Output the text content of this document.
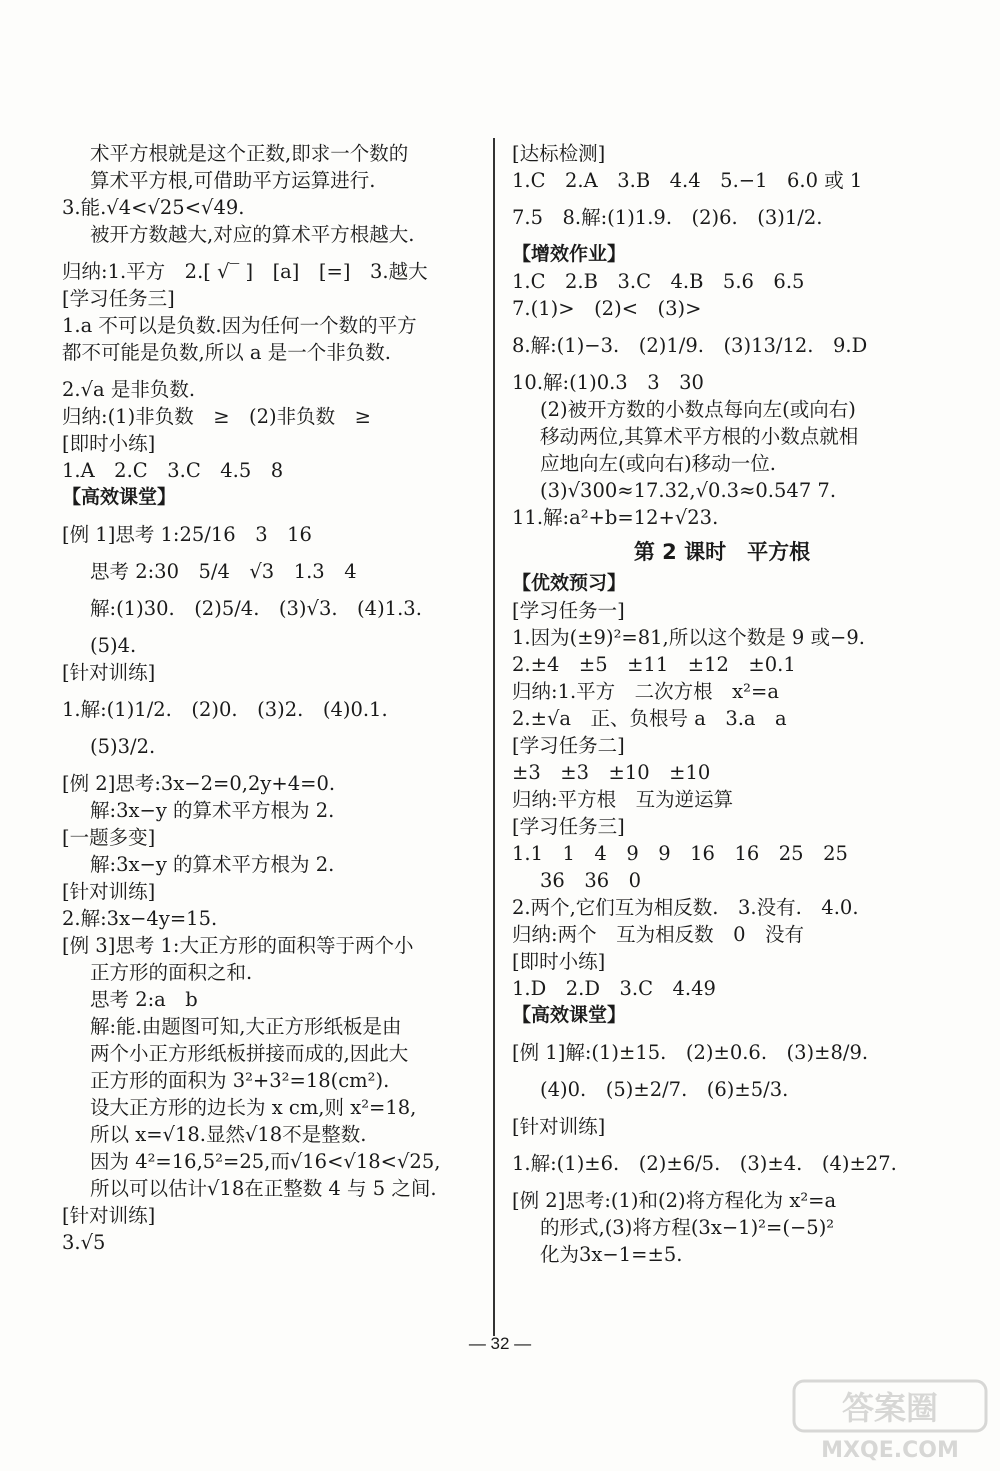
术平方根就是这个正数,即求一个数的
算术平方根,可借助平方运算进行.
3.能.√4<√25<√49.
被开方数越大,对应的算术平方根越大.
归纳:1.平方　2.[ √‾ ]　[a]　[=]　3.越大
[学习任务三]
1.a 不可以是负数.因为任何一个数的平方
都不可能是负数,所以 a 是一个非负数.
2.√a 是非负数.
归纳:(1)非负数　≥　(2)非负数　≥
[即时小练]
1.A　2.C　3.C　4.5　8
【高效课堂】
[例 1]思考 1:25/16　3　16
思考 2:30　5/4　√3　1.3　4
解:(1)30.　(2)5/4.　(3)√3.　(4)1.3.
(5)4.
[针对训练]
1.解:(1)1/2.　(2)0.　(3)2.　(4)0.1.
(5)3/2.
[例 2]思考:3x−2=0,2y+4=0.
解:3x−y 的算术平方根为 2.
[一题多变]
解:3x−y 的算术平方根为 2.
[针对训练]
2.解:3x−4y=15.
[例 3]思考 1:大正方形的面积等于两个小
正方形的面积之和.
思考 2:a　b
解:能.由题图可知,大正方形纸板是由
两个小正方形纸板拼接而成的,因此大
正方形的面积为 3²+3²=18(cm²).
设大正方形的边长为 x cm,则 x²=18,
所以 x=√18.显然√18不是整数.
因为 4²=16,5²=25,而√16<√18<√25,
所以可以估计√18在正整数 4 与 5 之间.
[针对训练]
3.√5
[达标检测]
1.C　2.A　3.B　4.4　5.−1　6.0 或 1
7.5　8.解:(1)1.9.　(2)6.　(3)1/2.
【增效作业】
1.C　2.B　3.C　4.B　5.6　6.5
7.(1)>　(2)<　(3)>
8.解:(1)−3.　(2)1/9.　(3)13/12.　9.D
10.解:(1)0.3　3　30
(2)被开方数的小数点每向左(或向右)
移动两位,其算术平方根的小数点就相
应地向左(或向右)移动一位.
(3)√300≈17.32,√0.3≈0.547 7.
11.解:a²+b=12+√23.
第 2 课时　平方根
【优效预习】
[学习任务一]
1.因为(±9)²=81,所以这个数是 9 或−9.
2.±4　±5　±11　±12　±0.1
归纳:1.平方　二次方根　x²=a
2.±√a　正、负根号 a　3.a　a
[学习任务二]
±3　±3　±10　±10
归纳:平方根　互为逆运算
[学习任务三]
1.1　1　4　9　9　16　16　25　25
36　36　0
2.两个,它们互为相反数.　3.没有.　4.0.
归纳:两个　互为相反数　0　没有
[即时小练]
1.D　2.D　3.C　4.49
【高效课堂】
[例 1]解:(1)±15.　(2)±0.6.　(3)±8/9.
(4)0.　(5)±2/7.　(6)±5/3.
[针对训练]
1.解:(1)±6.　(2)±6/5.　(3)±4.　(4)±27.
[例 2]思考:(1)和(2)将方程化为 x²=a
的形式,(3)将方程(3x−1)²=(−5)²
化为3x−1=±5.
— 32 —
答案圈
MXQE.COM
